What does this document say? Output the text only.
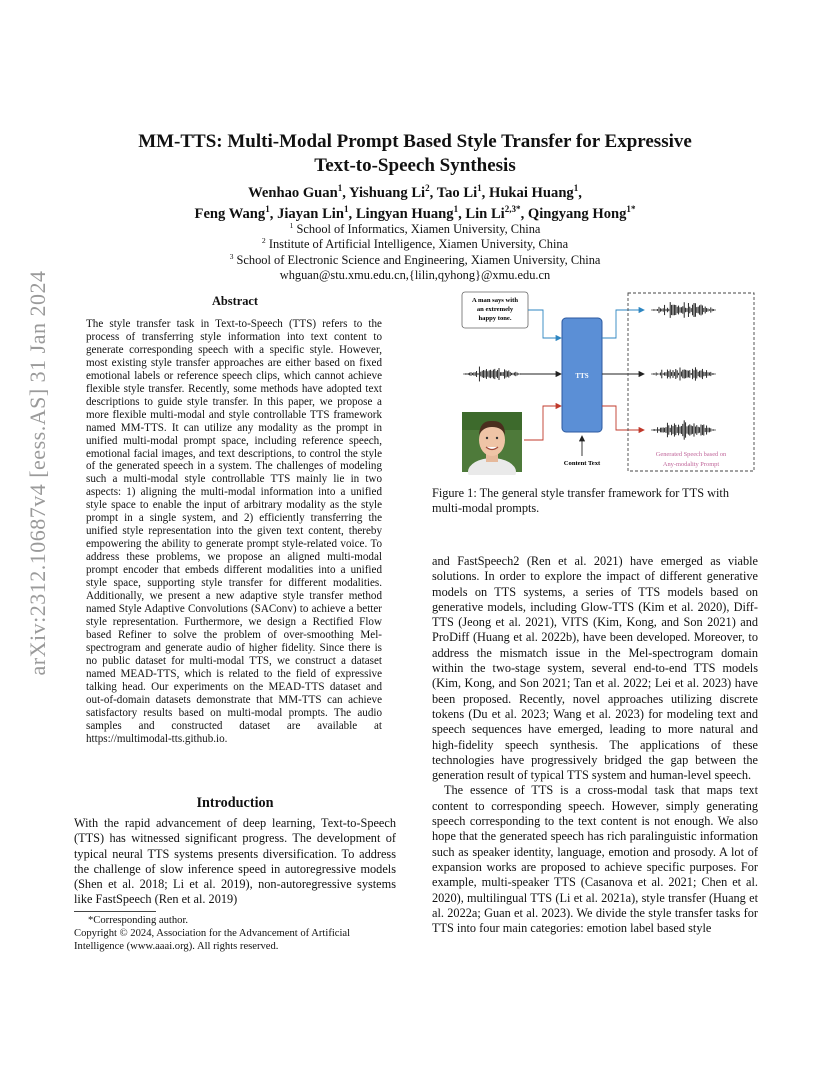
arXiv:2312.10687v4 [eess.AS] 31 Jan 2024
MM-TTS: Multi-Modal Prompt Based Style Transfer for Expressive
Text-to-Speech Synthesis
Wenhao Guan$^1$, Yishuang Li$^2$, Tao Li$^1$, Hukai Huang$^1$,
Feng Wang$^1$, Jiayan Lin$^1$, Lingyan Huang$^1$, Lin $Li^{2,3*}$, Qingyang Hong$^{1*}$
$^1$ School of Informatics, Xiamen University, China
$^2$ Institute of Artificial Intelligence, Xiamen University, China
$^3$ School of Electronic Science and Engineering, Xiamen University, China
whguan@stu.xmu.edu.cn,{lilin,qyhong}@xmu.edu.cn
Abstract
The style transfer task in Text-to-Speech (TTS) refers to the process of transferring style information into text content to generate corresponding speech with a specific style. However, most existing style transfer approaches are either based on fixed emotional labels or reference speech clips, which cannot achieve flexible style transfer. Recently, some methods have adopted text descriptions to guide style transfer. In this paper, we propose a more flexible multi-modal and style controllable TTS framework named MM-TTS. It can utilize any modality as the prompt in unified multi-modal prompt space, including reference speech, emotional facial images, and text descriptions, to control the style of the generated speech in a system. The challenges of modeling such a multi-modal style controllable TTS mainly lie in two aspects: 1) aligning the multi-modal information into a unified style space to enable the input of arbitrary modality as the style prompt in a single system, and 2) efficiently transferring the unified style representation into the given text content, thereby empowering the ability to generate prompt style-related voice. To address these problems, we propose an aligned multi-modal prompt encoder that embeds different modalities into a unified style space, supporting style transfer for different modalities. Additionally, we present a new adaptive style transfer method named Style Adaptive Convolutions (SAConv) to achieve a better style representation. Furthermore, we design a Rectified Flow based Refiner to solve the problem of over-smoothing Mel-spectrogram and generate audio of higher fidelity. Since there is no public dataset for multi-modal TTS, we construct a dataset named MEAD-TTS, which is related to the field of expressive talking head. Our experiments on the MEAD-TTS dataset and out-of-domain datasets demonstrate that MM-TTS can achieve satisfactory results based on multi-modal prompts. The audio samples and constructed dataset are available at https://multimodal-tts.github.io.
Introduction
With the rapid advancement of deep learning, Text-to-Speech (TTS) has witnessed significant progress. The development of typical neural TTS systems presents diversification. To address the challenge of slow inference speed in autoregressive models (Shen et al. 2018; Li et al. 2019), non-autoregressive systems like FastSpeech (Ren et al. 2019)
*Corresponding author.
Copyright © 2024, Association for the Advancement of Artificial Intelligence (www.aaai.org). All rights reserved.
A man says with
an extremely
happy tone.
TTS
Content Text
Generated Speech based on
Any-modality Prompt
Figure 1: The general style transfer framework for TTS with multi-modal prompts.

and FastSpeech2 (Ren et al. 2021) have emerged as viable solutions. In order to explore the impact of different generative models on TTS systems, a series of TTS models based on generative models, including Glow-TTS (Kim et al. 2020), Diff-TTS (Jeong et al. 2021), VITS (Kim, Kong, and Son 2021) and ProDiff (Huang et al. 2022b), have been developed. Moreover, to address the mismatch issue in the Mel-spectrogram domain within the two-stage system, several end-to-end TTS models (Kim, Kong, and Son 2021; Tan et al. 2022; Lei et al. 2023) have been proposed. Recently, novel approaches utilizing discrete tokens (Du et al. 2023; Wang et al. 2023) for modeling text and speech sequences have emerged, leading to more natural and high-fidelity speech synthesis. The applications of these technologies have progressively bridged the gap between the generation result of typical TTS system and human-level speech.

The essence of TTS is a cross-modal task that maps text content to corresponding speech. However, simply generating speech corresponding to the text content is not enough. We also hope that the generated speech has rich paralinguistic information such as speaker identity, language, emotion and prosody. A lot of expansion works are proposed to achieve specific purposes. For example, multi-speaker TTS (Casanova et al. 2021; Chen et al. 2020), multilingual TTS (Li et al. 2021a), style transfer (Huang et al. 2022a; Guan et al. 2023). We divide the style transfer tasks for TTS into four main categories: emotion label based style
